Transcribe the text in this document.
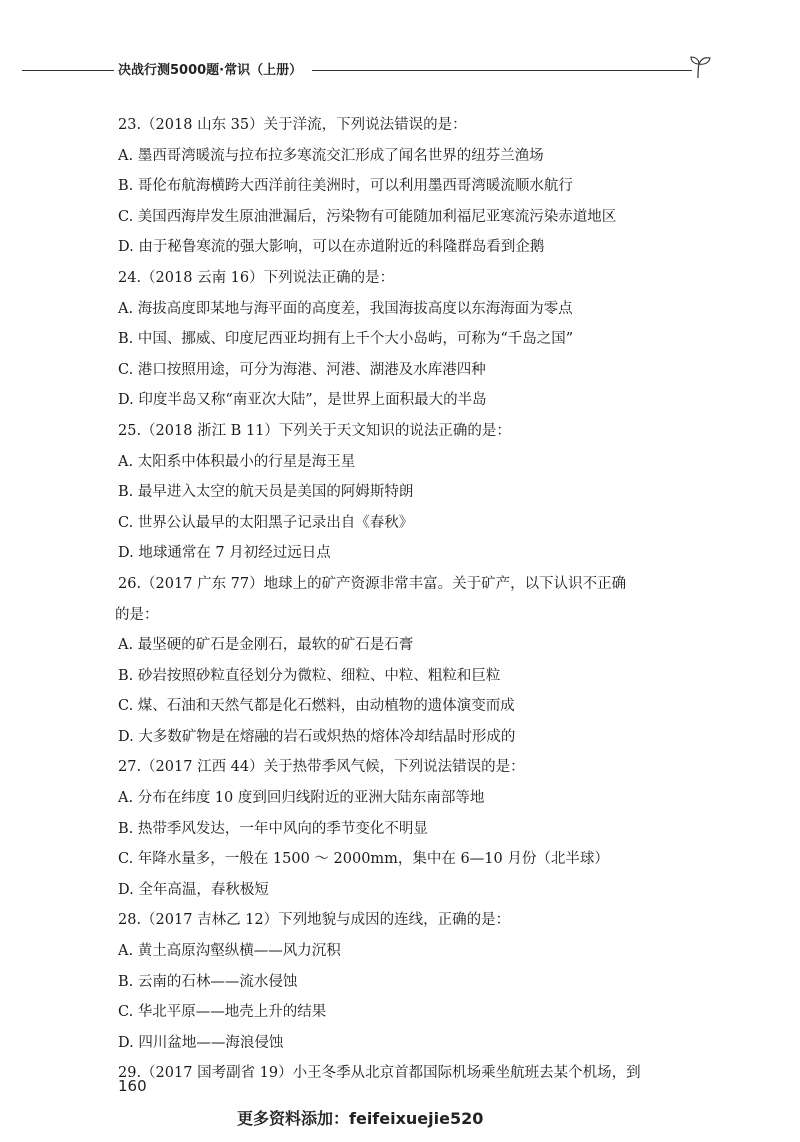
决战行测5000题·常识（上册）
23.（2018 山东 35）关于洋流，下列说法错误的是：
A. 墨西哥湾暖流与拉布拉多寒流交汇形成了闻名世界的纽芬兰渔场
B. 哥伦布航海横跨大西洋前往美洲时，可以利用墨西哥湾暖流顺水航行
C. 美国西海岸发生原油泄漏后，污染物有可能随加利福尼亚寒流污染赤道地区
D. 由于秘鲁寒流的强大影响，可以在赤道附近的科隆群岛看到企鹅
24.（2018 云南 16）下列说法正确的是：
A. 海拔高度即某地与海平面的高度差，我国海拔高度以东海海面为零点
B. 中国、挪威、印度尼西亚均拥有上千个大小岛屿，可称为“千岛之国”
C. 港口按照用途，可分为海港、河港、湖港及水库港四种
D. 印度半岛又称“南亚次大陆”，是世界上面积最大的半岛
25.（2018 浙江 B 11）下列关于天文知识的说法正确的是：
A. 太阳系中体积最小的行星是海王星
B. 最早进入太空的航天员是美国的阿姆斯特朗
C. 世界公认最早的太阳黑子记录出自《春秋》
D. 地球通常在 7 月初经过远日点
26.（2017 广东 77）地球上的矿产资源非常丰富。关于矿产，以下认识不正确
的是：
A. 最坚硬的矿石是金刚石，最软的矿石是石膏
B. 砂岩按照砂粒直径划分为微粒、细粒、中粒、粗粒和巨粒
C. 煤、石油和天然气都是化石燃料，由动植物的遗体演变而成
D. 大多数矿物是在熔融的岩石或炽热的熔体冷却结晶时形成的
27.（2017 江西 44）关于热带季风气候，下列说法错误的是：
A. 分布在纬度 10 度到回归线附近的亚洲大陆东南部等地
B. 热带季风发达，一年中风向的季节变化不明显
C. 年降水量多，一般在 1500 ～ 2000mm，集中在 6—10 月份（北半球）
D. 全年高温，春秋极短
28.（2017 吉林乙 12）下列地貌与成因的连线，正确的是：
A. 黄土高原沟壑纵横——风力沉积
B. 云南的石林——流水侵蚀
C. 华北平原——地壳上升的结果
D. 四川盆地——海浪侵蚀
29.（2017 国考副省 19）小王冬季从北京首都国际机场乘坐航班去某个机场，到
160
更多资料添加：feifeixuejie520
